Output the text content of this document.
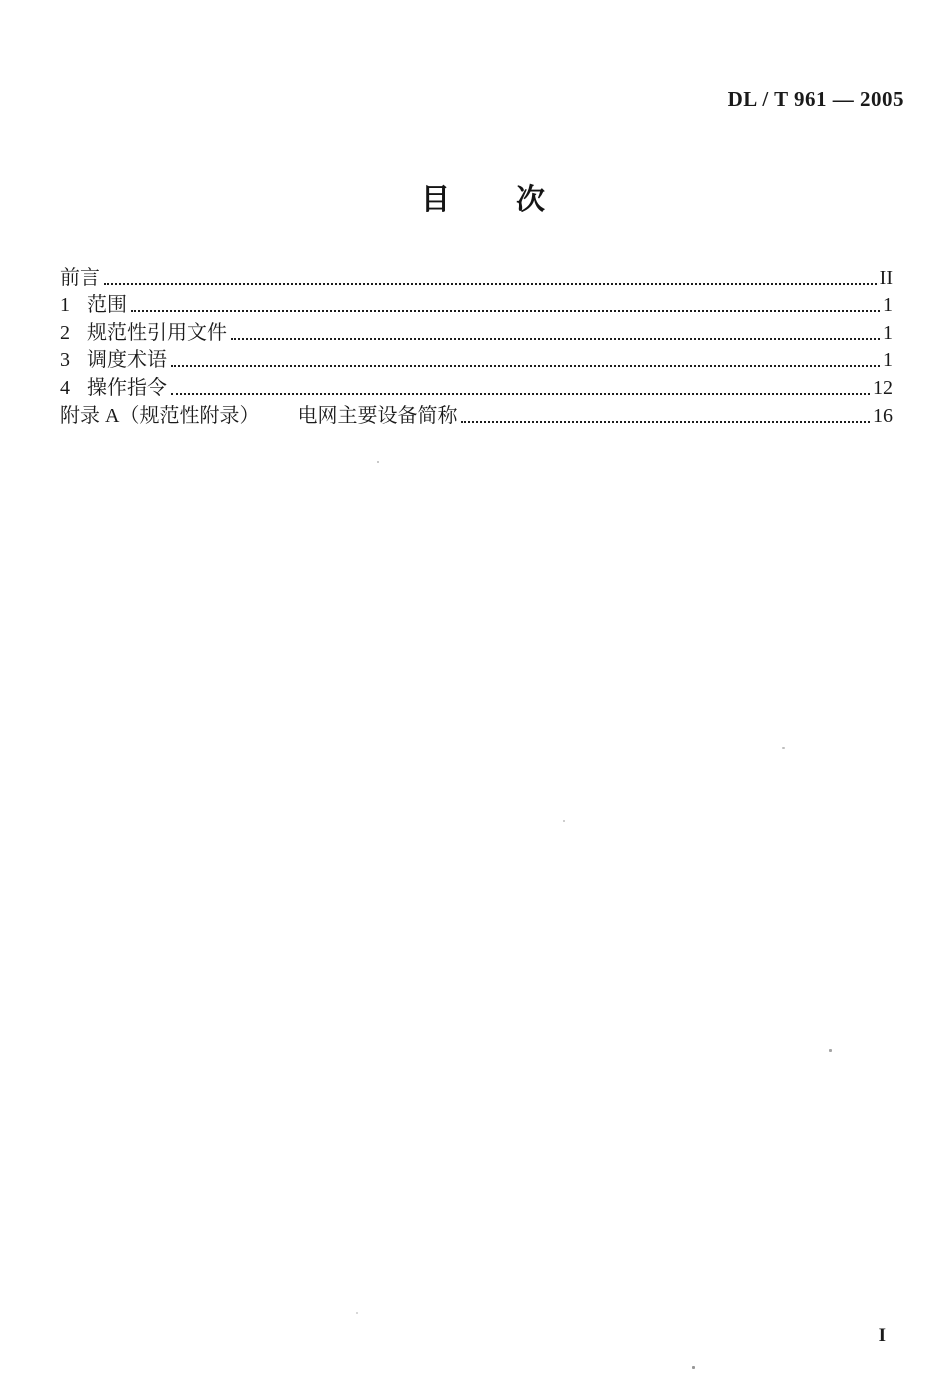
DL / T 961 — 2005
目 次
前言	II
1 范围	1
2 规范性引用文件	1
3 调度术语	1
4 操作指令	12
附录 A（规范性附录） 电网主要设备简称	16
I
